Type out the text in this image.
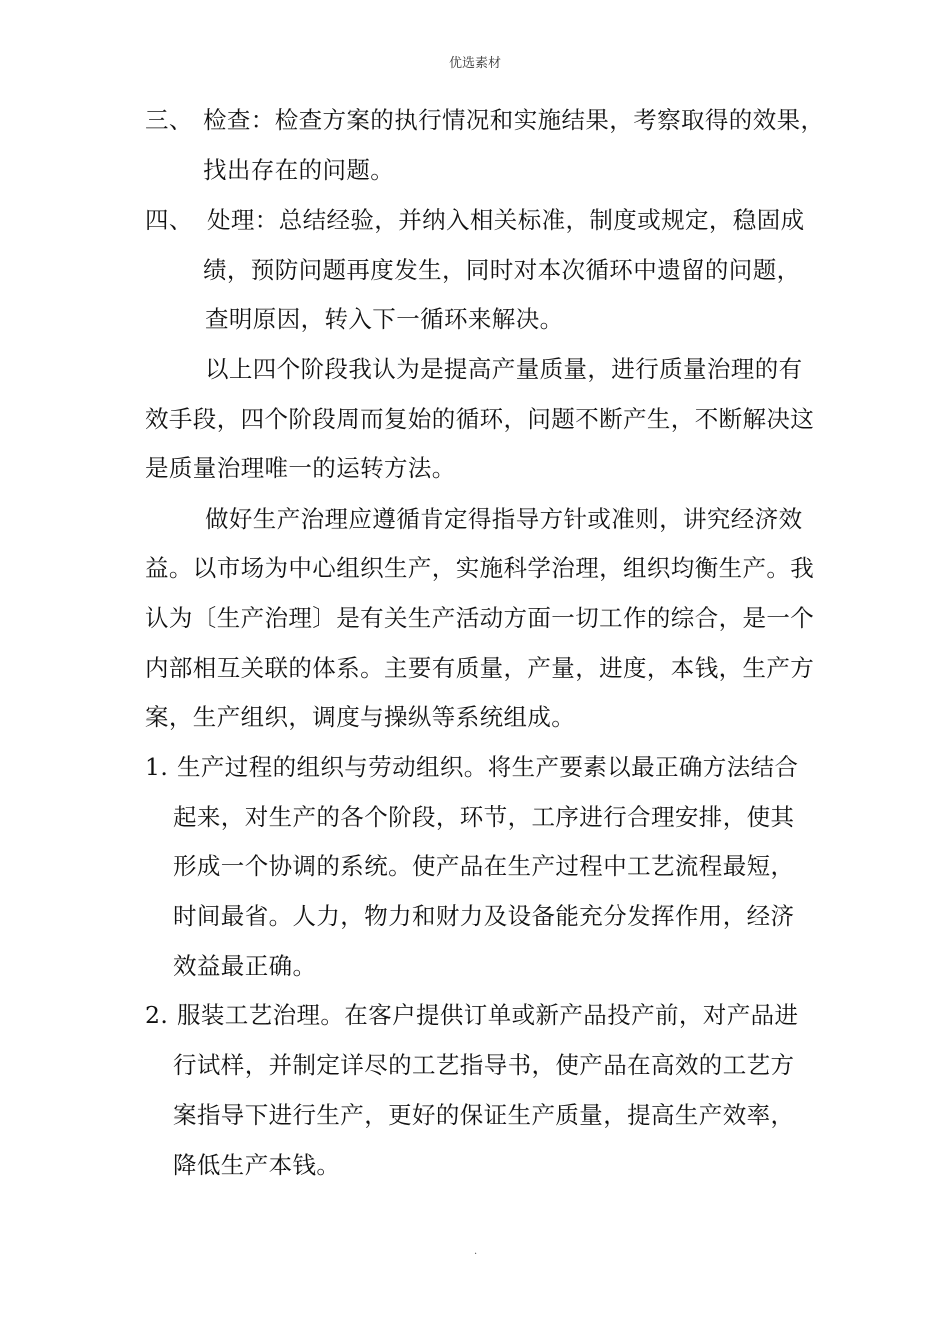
优选素材
三、 检查：检查方案的执行情况和实施结果，考察取得的效果，
找出存在的问题。
四、 处理：总结经验，并纳入相关标准，制度或规定，稳固成
绩，预防问题再度发生，同时对本次循环中遗留的问题，
查明原因，转入下一循环来解决。
以上四个阶段我认为是提高产量质量，进行质量治理的有
效手段，四个阶段周而复始的循环，问题不断产生，不断解决这
是质量治理唯一的运转方法。
做好生产治理应遵循肯定得指导方针或准则，讲究经济效
益。以市场为中心组织生产，实施科学治理，组织均衡生产。我
认为〔生产治理〕是有关生产活动方面一切工作的综合，是一个
内部相互关联的体系。主要有质量，产量，进度，本钱，生产方
案，生产组织，调度与操纵等系统组成。
1. 生产过程的组织与劳动组织。将生产要素以最正确方法结合
起来，对生产的各个阶段，环节，工序进行合理安排，使其
形成一个协调的系统。使产品在生产过程中工艺流程最短，
时间最省。人力，物力和财力及设备能充分发挥作用，经济
效益最正确。
2. 服装工艺治理。在客户提供订单或新产品投产前，对产品进
行试样，并制定详尽的工艺指导书，使产品在高效的工艺方
案指导下进行生产，更好的保证生产质量，提高生产效率，
降低生产本钱。
.
